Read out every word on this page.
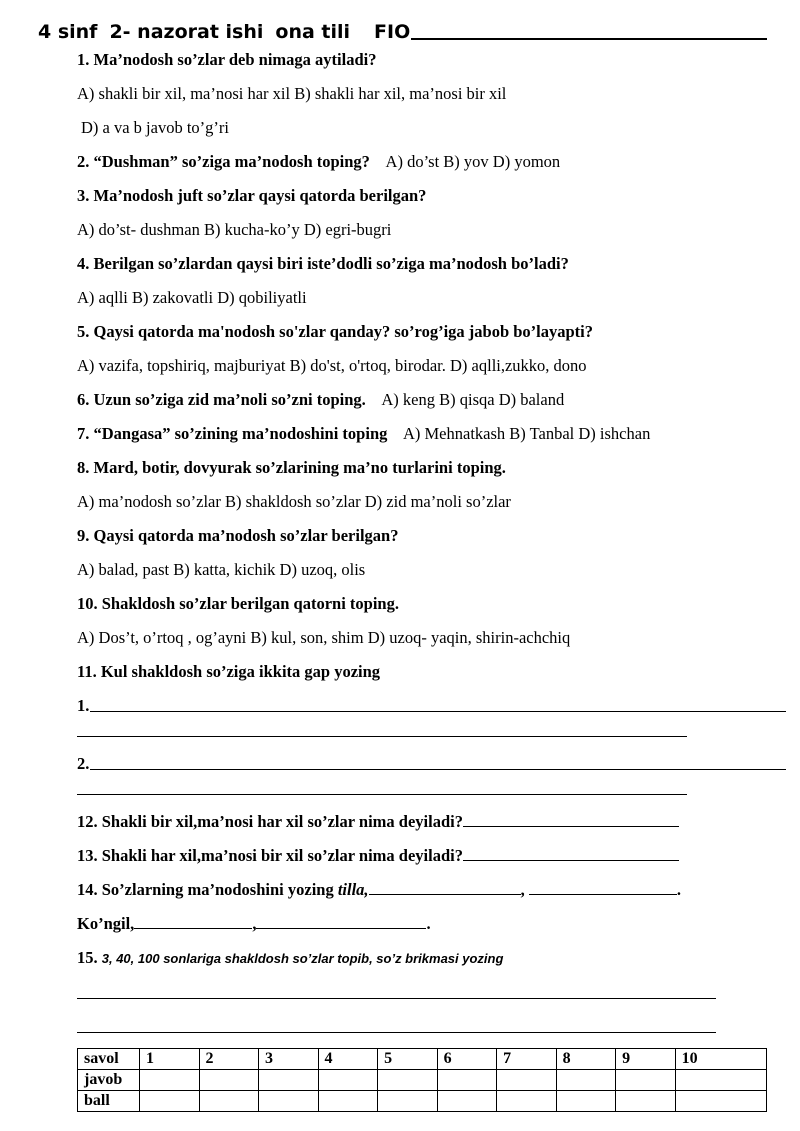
4 sinf 2- nazorat ishi ona tili FIO
1. Ma’nodosh so’zlar deb nimaga aytiladi?
A) shakli bir xil, ma’nosi har xil B) shakli har xil, ma’nosi bir xil
D) a va b javob to’g’ri
2. “Dushman” so’ziga ma’nodosh toping? A) do’st B) yov D) yomon
3. Ma’nodosh juft so’zlar qaysi qatorda berilgan?
A) do’st- dushman B) kucha-ko’y D) egri-bugri
4. Berilgan so’zlardan qaysi biri iste’dodli so’ziga ma’nodosh bo’ladi?
A) aqlli B) zakovatli D) qobiliyatli
5. Qaysi qatorda ma'nodosh so'zlar qanday? so’rog’iga jabob bo’layapti?
A) vazifa, topshiriq, majburiyat B) do'st, o'rtoq, birodar. D) aqlli,zukko, dono
6. Uzun so’ziga zid ma’noli so’zni toping. A) keng B) qisqa D) baland
7. “Dangasa” so’zining ma’nodoshini toping A) Mehnatkash B) Tanbal D) ishchan
8. Mard, botir, dovyurak so’zlarining ma’no turlarini toping.
A) ma’nodosh so’zlar B) shakldosh so’zlar D) zid ma’noli so’zlar
9. Qaysi qatorda ma’nodosh so’zlar berilgan?
A) balad, past B) katta, kichik D) uzoq, olis
10. Shakldosh so’zlar berilgan qatorni toping.
A) Dos’t, o’rtoq , og’ayni B) kul, son, shim D) uzoq- yaqin, shirin-achchiq
11. Kul shakldosh so’ziga ikkita gap yozing
1.
2.
12. Shakli bir xil,ma’nosi har xil so’zlar nima deyiladi?
13. Shakli har xil,ma’nosi bir xil so’zlar nima deyiladi?
14. So’zlarning ma’nodoshini yozing tilla,	,	.
Ko’ngil,	,	.
15. 3, 40, 100 sonlariga shakldosh so’zlar topib, so’z brikmasi yozing
savol	1	2	3	4	5	6	7	8	9	10
javob										
ball										
